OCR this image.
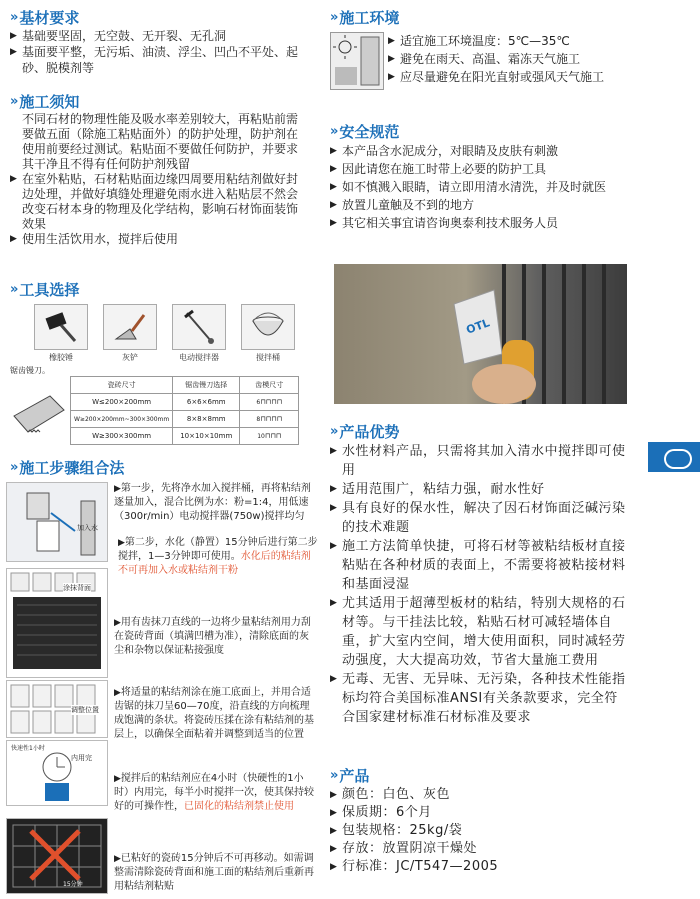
» 基材要求
▶ 基础要坚固，无空鼓、无开裂、无孔洞
▶ 基面要平整，无污垢、油渍、浮尘、凹凸不平处、起砂、脱模剂等
» 施工须知
不同石材的物理性能及吸水率差别较大，再粘贴前需要做五面（除施工粘贴面外）的防护处理，防护剂在使用前要经过测试。粘贴面不要做任何防护，并要求其干净且不得有任何防护剂残留
▶ 在室外粘贴，石材粘贴面边缘四周要用粘结剂做好封边处理，并做好填缝处理避免雨水进入粘贴层不然会改变石材本身的物理及化学结构，影响石材饰面装饰效果
▶ 使用生活饮用水，搅拌后使用
» 工具选择
橡胶锤	灰铲	电动搅拌器	搅拌桶
锯齿镘刀。
瓷砖尺寸	锯齿镘刀选择	齿模尺寸
W≤200×200mm	6×6×6mm	6⊓⊓⊓⊓
W≥200×200mm~300×300mm	8×8×8mm	8⊓⊓⊓⊓
W≥300×300mm	10×10×10mm	10⊓⊓⊓
» 施工步骤组合法
加入水
▶第一步，先将净水加入搅拌桶，再将粘结剂逐量加入，混合比例为水：粉=1:4，用低速（300r/min）电动搅拌器(750w)搅拌均匀
▶第二步，水化（静置）15分钟后进行第二步搅拌，1—3分钟即可使用。水化后的粘结剂不可再加入水或粘结剂干粉
涂抹背面
▶用有齿抹刀直线的一边将少量粘结剂用力刮在瓷砖背面（填满凹槽为准），清除底面的灰尘和杂物以保证粘接强度
调整位置
▶将适量的粘结剂涂在施工底面上，并用合适齿锯的抹刀呈60—70度，沿直线的方向梳理成饱满的条状。将瓷砖压揉在涂有粘结剂的基层上，以确保全面粘着并调整到适当的位置
快速性1小时
内用完
▶搅拌后的粘结剂应在4小时（快硬性的1小时）内用完，每半小时搅拌一次，使其保持较好的可操作性，已固化的粘结剂禁止使用
15分钟
▶已粘好的瓷砖15分钟后不可再移动。如需调整需清除瓷砖背面和施工面的粘结剂后重新再用粘结剂粘贴
» 施工环境
▶ 适宜施工环境温度：5℃—35℃
▶ 避免在雨天、高温、霜冻天气施工
▶ 应尽量避免在阳光直射或强风天气施工
» 安全规范
▶ 本产品含水泥成分，对眼睛及皮肤有刺激
▶ 因此请您在施工时带上必要的防护工具
▶ 如不慎溅入眼睛，请立即用清水清洗，并及时就医
▶ 放置儿童触及不到的地方
▶ 其它相关事宜请咨询奥泰利技术服务人员
OTL
» 产品优势
▶ 水性材料产品，只需将其加入清水中搅拌即可使用
▶ 适用范围广，粘结力强，耐水性好
▶ 具有良好的保水性，解决了因石材饰面泛碱污染的技术难题
▶ 施工方法简单快捷，可将石材等被粘结板材直接粘贴在各种材质的表面上，不需要将被粘接材料和基面浸湿
▶ 尤其适用于超薄型板材的粘结，特别大规格的石材等。与干挂法比较，粘贴石材可减轻墙体自重，扩大室内空间，增大使用面积，同时减轻劳动强度，大大提高功效，节省大量施工费用
▶ 无毒、无害、无异味、无污染，各种技术性能指标均符合美国标准ANSI有关条款要求，完全符合国家建材标准石材标准及要求
» 产品
▶ 颜色：白色、灰色
▶ 保质期：6个月
▶ 包装规格：25kg/袋
▶ 存放：放置阴凉干燥处
▶ 行标准：JC/T547—2005
